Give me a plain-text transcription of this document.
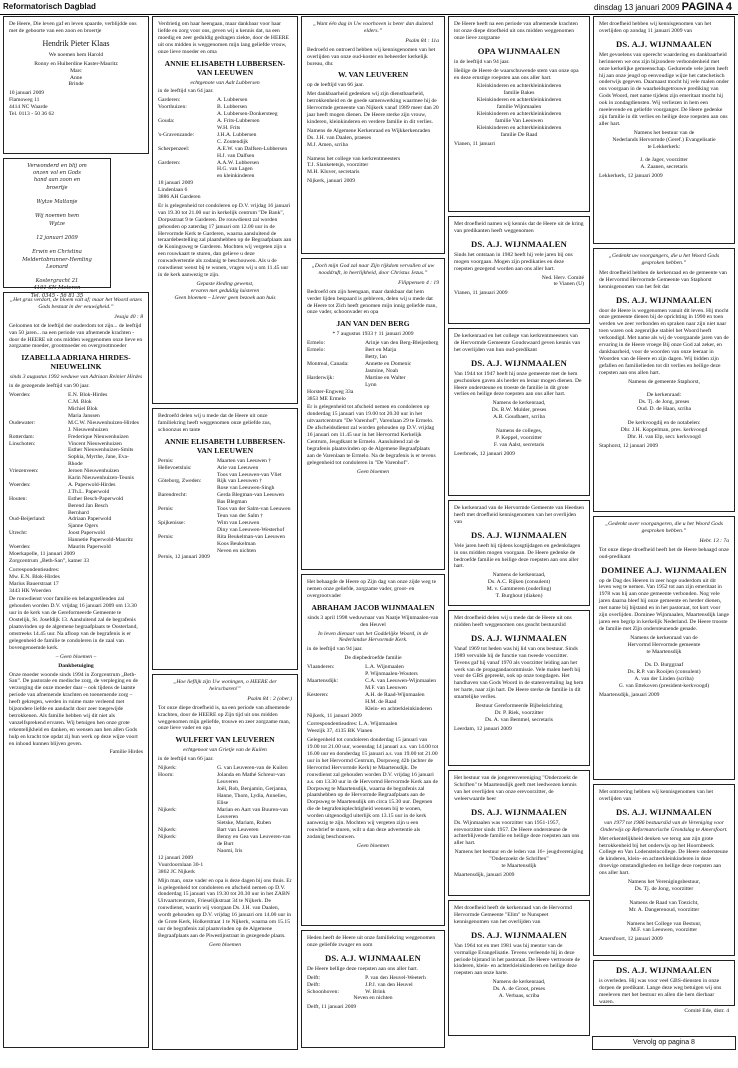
Reformatorisch Dagblad	dinsdag 13 januari 2009 PAGINA 4

De Heere, Die leven gaf en leven spaarde, verblijdde ons met de geboorte van een zoon en broertje

Hendrik Pieter Klaas
We noemen hem Harold
Ronny en Huiberdine Kaster-Mauritz
Marc
Anne
Brinde
10 januari 2009
Flamoweg 11
4414 NC Waarde
Tel. 0113 - 50 36 62
Verwonderd en blij om
onzen vol en Gods
hand aan zoon en
broertje

Wytze Maltanje

Wij noemen hem
Wytze

12 januari 2009

Erwin en Christina
Meldertobrunner-Hemling
Leonard

Kostergracht 21
4191 SN Meteren
Tel. 0345 - 56 81 35
„Het gras verdort, de bloem valt af; maar het Woord onzes Gods bestaat in der eeuwigheid.”
Jesaja 40 : 8

Geloomen tot de leeftijd der ouderdom tot zijn... de leeftijd van 50 jaren... na een periode van afnemende krachten - door de HEERE uit ons midden weggenomen onze lieve en zorgzame moeder, grootmoeder en overgrootmoeder

IZABELLA ADRIANA HIRDES-NIEUWELINK
sinds 3 augustus 1992 weduwe van Adriaan Reinier Hirdes
in de gezegende leeftijd van 90 jaar.
Woerden:	E.N. Blok-Hirdes
C.M. Blok
Michiel Blok
Maria Janssen
Oudewater:	M.C.W. Nieuwenhuizen-Hirdes
J. Nieuwenhuizen
Rotterdam:	Frederique Nieuwenhuizen
Linschoten:	Vincent Nieuwenhuizen
Esther Nieuwenhuizen-Smits
Sophia, Myrthe, Jane, Eva-Rhode
Vriezenveen:	Jeroen Nieuwenhuizen
Karin Nieuwenhuizen-Teunis
Woerden:	A. Paperwold-Hirdes
J.Th.L. Paperwold
Houten:	Esther Besch-Paperwold
Berend Jan Besch
Bernhard
Oud-Beijerland:	Adriaan Paperwold
Sjanne Ogers
Utrecht:	Joost Paperwold
Hannetie Paperwold-Mauritz
Woerden:	Maurits Paperwold
Moerkapelle, 11 januari 2009
Zorgcentrum „Beth-San”, kamer 33
Correspondentieadres:
Mw. E.N. Blok-Hirdes
Marius Bauerstraat 17
3443 HK Woerden

De rouwdienst voor familie en belangstellenden zal gehouden worden D.V. vrijdag 16 januari 2009 om 13.30 uur in de kerk van de Gereformeerde Gemeente te Oostelijk, St. Josefdijk 13. Aansluitend zal de begrafenis plaatsvinden op de algemene begraafplaats te Oosterland, omstreeks 14.45 uur. Na afloop van de begrafenis is er gelegenheid de familie te condoleren in de zaal van bovengenoemde kerk.

– Geen bloemen –
Dankbetuiging

Onze moeder woonde sinds 1994 in Zorgcentrum „Beth-San”. De pastorale en medische zorg, de verpleging en de verzorging die onze moeder daar – ook tijdens de laatste periode van afnemende krachten en toenemende zorg – heeft gekregen, werden in ruime mate verleend met bijzondere liefde en aandacht door zeer toegewijde betrokkenen. Als familie hebben wij dit niet als vanzelfsprekend ervaren. Wij betuigen hen onze grote erkentelijkheid en danken, en wensen aan hen allen Gods hulp en kracht toe opdat zij hun werk op deze wijze voort en inhoud kunnen blijven geven.

Familie Hirdes

Verdrietig om haar heengaan, maar dankbaar voor haar liefde en zorg voor ons, geven wij u kennis dat, na een moedig en zeer geduldig gedragen ziekte, door de HEERE uit ons midden is weggenomen mijn lang geliefde vrouw, onze lieve moeder en oma

ANNIE ELISABETH LUBBERSEN-VAN LEEUWEN
echtgenote van Aalt Lubbersen
in de leeftijd van 64 jaar.
Garderen:	A. Lubbersen
Voorthuizen:	B. Lubbersen
A. Lubbersen-Donkersteeg
Gouda:	A. Frits-Lubbersen
W.H. Frits
's-Gravenzande:	J.H.A. Lubbersen
C. Zoutendijk
Scherpenzeel:	A.E.W. van Dalfsen-Lubbersen
H.J. van Dalfsen
Garderen:	A.A.W. Lubbersen
H.G. van Lagen
en kleinkinderen
18 januari 2009
Lindenlaan 6
3886 AH Garderen

Er is gelegenheid tot condoleren op D.V. vrijdag 16 januari van 19.30 tot 21.00 uur in kerkelijk centrum "De Bank", Dorpsstraat 9 te Garderen. De rouwdienst zal worden gehouden op zaterdag 17 januari om 12.00 uur in de Hervormde Kerk te Garderen, waarna aansluitend de teraardebestelling zal plaatshebben op de Begraafplaats aan de Koningsweg te Garderen. Mochten wij vergeten zijn u een rouwkaart te sturen, dan gelieve u deze rouwadvertentie als zodanig te beschouwen. Als u de rouwdienst wenst bij te wonen, vragen wij u om 11.45 uur in de kerk aanwezig te zijn.

Gepaste kleding gewenst,
ervaren met geduldig luisteren
Geen bloemen – Liever geen bezoek aan huis

Bedroefd delen wij u mede dat de Heere uit onze familiekring heeft weggenomen onze geliefde zus, schoonzus en tante

ANNIE ELISABETH LUBBERSEN-VAN LEEUWEN
Pernis:	Maarten van Leeuwen †
Hellevoetsluis:	Arie van Leeuwen
Toos van Leeuwen-van Vliet
Göteborg, Zweden:	Rijk van Leeuwen †
Rose van Leeuwen-Singh
Barendrecht:	Gerda Blegman-van Leeuwen
Bas Blegman
Pernis:	Toos van der Salm-van Leeuwen
Teun van der Salm †
Spijkenisse:	Wim van Leeuwen
Diny van Leeuwen-Westerhof
Pernis:	Rita Beukelman-van Leeuwen
Koos Beukelman
Neven en nichten
Pernis, 12 januari 2009
„Hoe lieflijk zijn Uw woningen, o HEERE der heirscharen!”
Psalm 84 : 2 (ober.)

Tot onze diepe droefheid is, na een periode van afnemende krachten, door de HEERE op Zijn tijd uit ons midden weggenomen mijn geliefde, trouwe en zeer zorgzame man, onze lieve vader en opa

WULFERT VAN LEUVEREN
echtgenoot van Grietje van de Kuilen
in de leeftijd van 66 jaar.
Nijkerk:	G. van Leuveren-van de Kuilen
Hoorn:	Jolanda en Mathé Schreur-van Leuveren
Joël, Rob, Benjamin, Gerjanna, Hanne, Thom, Lydia, Annelies, Elise
Nijkerk:	Marian en Aart van Buuren-van Leuveren
Sietske, Mariam, Ruben
Nijkerk:	Bart van Leuveren
Nijkerk:	Benny en Gea van Leuveren-van de Burt
Naomi, Iris
12 januari 2009
Vuurdoornlaan 30-1
3862 JC Nijkerk

Mijn man, onze vader en opa is deze dagen bij ons thuis. Er is gelegenheid tot condoleren en afscheid nemen op D.V. donderdag 15 januari van 19.30 tot 20.30 uur in het ZABN Uitvaartcentrum, Frieselijkstraat 34 te Nijkerk. De rouwdienst, waarin wij voorgaan Ds. J.H. van Daalen, wordt gehouden op D.V. vrijdag 16 januari om 14.00 uur in de Grote Kerk, Holkerstraat 1 te Nijkerk, waarna om 15.15 uur de begrafenis zal plaatsvinden op de Algemene Begraafplaats aan de Piwestijnstraat in gezegende plaats.

Geen bloemen
„Want één dag in Uw voorhoven is beter dan duizend elders.”
Psalm 84 : 11a

Bedroefd en ontroerd hebben wij kennisgenomen van het overlijden van onze oud-koster en beheerder kerkelijk bureau, dhr.

W. VAN LEUVEREN
op de leeftijd van 66 jaar.

Met dankbaarheid gedenken wij zijn dienstbaarheid, betrokkenheid en de goede samenwerking waarmee hij de Hervormde gemeente van Nijkerk vanaf 1989 meer dan 20 jaar heeft mogen dienen. De Heere sterke zijn vrouw, kinderen, kleinkinderen en verdere familie in dit verlies.

Namens de Algemene Kerkenraad en Wijkkerkenraden
Ds. J.H. van Daalen, praeses
M.J. Amen, scriba

Namens het college van kerkrentmeesters
T.J. Slanketetsjn, voorzitter
M.H. Kluver, secretaris
Nijkerk, januari 2009
„Doch mijn God zal naar Zijn rijkdom vervullen al uw nooddruft, in heerlijkheid, door Christus Jezus.”
Filippensen 4 : 19

Bedroefd om zijn heengaan, maar dankbaar dat hem verder lijden bespaard is gebleven, delen wij u mede dat de Heere tot Zich heeft genomen mijn innig geliefde man, onze vader, schoonvader en opa

JAN VAN DEN BERG
* 7 augustus 1933 † 11 januari 2009
Ermelo:	Arinje van den Berg-Bleijenberg
Ermelo:	Bert en Marja
Betty, Ian
Montreal, Canada:	Annette en Domenic
Jasmine, Noah
Harderwijk:	Martine en Walter
Lynn
Horster-Engweg 33a
3853 ME Ermelo

Er is gelegenheid tot afscheid nemen en condoleren op donderdag 15 januari van 19.00 tot 20.30 uur in het uitvaartcentrum "De Varenhof", Varenlaan 29 te Ermelo. De afscheidsdienst zal worden gehouden op D.V. vrijdag 16 januari om 11.45 uur in het Hervormd Kerkelijk Centrum, Jeugdkant te Ermelo. Aansluitend zal de begrafenis plaatsvinden op de Algemene Begraafplaats aan de Varenlaan te Ermelo. Na de begrafenis is er tevens gelegenheid tot condoleren in "De Varenhof".

Geen bloemen

Het behaagde de Heere op Zijn dag van onze zijde weg te nemen onze geliefde, zorgzame vader, groot- en overgrootvader

ABRAHAM JACOB WIJNMAALEN
sinds 3 april 1998 weduwnaar van Naatje Wijnmaalen-van den Heuvel
In leven dienaar van het Goddelijke Woord, in de Nederlandse Hervormde Kerk.
in de leeftijd van 94 jaar.
De diepbedroefde familie
Vlaanderen:	L.A. Wijnmaalen
P. Wijnmaalen-Wouters
Maartensdijk:	C.A. van Leeuwen-Wijnmaalen
M.F. van Leeuwen
Kesteren:	A.H. de Raad-Wijnmaalen
H.M. de Raad
Klein- en achterkleinkinderen
Nijkerk, 11 januari 2009
Correspondentieadres: L.A. Wijnmaalen
Weezijk 37, 4135 BK Vianen

Gelegenheid tot condoleren donderdag 15 januari van 19.00 tot 21.00 uur, woensdag 14 januari a.s. van 14.00 tot 16.00 uur en donderdag 15 januari a.s. van 19.00 tot 21.00 uur in het Hervormd Centrum, Dorpsweg 42b (achter de Hervormd Hervormde Kerk) te Maartensdijk. De rouwdienst zal gehouden worden D.V. vrijdag 16 januari a.s. om 13.30 uur in de Hervormd Hervormde Kerk aan de Dorpsweg te Maartensdijk, waarna de begrafenis zal plaatshebben op de Hervormde Begraafplaats aan de Dorpsweg te Maartensdijk om circa 15.30 uur. Degenen die de begrafenisplechtigheid wensen bij te wonen, worden uitgenodigd uiterlijk om 13.15 uur in de kerk aanwezig te zijn. Mochten wij vergeten zijn u een rouwbrief te sturen, wilt u dan deze advertentie als zodanig beschouwen.

Geen bloemen

Heden heeft de Heere uit onze familiekring weggenomen onze geliefde zwager en oom

DS. A.J. WIJNMAALEN

De Heere bellige deze roepsten aan ons aller hart.

Delft:	P. van den Heuvel-Weeterh
Delft:	J.P.J. van den Heuvel
Schoonhoven:	W. Brink
Neven en nichten
Delft, 11 januari 2009

De Heere heeft na een periode van afnemende krachten tot onze diepe droefheid uit ons midden weggenomen onze lieve zorgzame

OPA WIJNMAALEN
in de leeftijd van 94 jaar.

Heilige de Heere de waarschuwende stem van onze opa en deze ernstige roepsten aan ons aller hart.

Kleinkinderen en achterkleinkinderen
familie Bakes
Kleinkinderen en achterkleinkinderen
familie Wijnmaalen
Kleinkinderen en achterkleinkinderen
familie Van Leeuwen
Kleinkinderen en achterkleinkinderen
familie De Raad
Vianen, 11 januari

Met droefheid namen wij kennis dat de Heere uit de kring van predikanten heeft weggenomen

DS. A.J. WIJNMAALEN

Sinds het ontstaan in 1982 heeft hij vele jaren bij ons mogen voorgaan. Mogen zijn predikaties en deze roepsten gezegend worden aan ons aller hart.

Ned. Herv. Comité
te Vianen (U)
Vianen, 11 januari 2009

De kerkenraad en het college van kerkrentmeesters van de Hervormde Gemeente Goudswaard geven kennis van het overlijden van hun oud-predikant

DS. A.J. WIJNMAALEN

Van 1944 tot 1947 heeft hij onze gemeente met de hem geschonken gaven als herder en leraar mogen dienen. De Heere ondersteune en troeste de familie in dit grote verlies en heilige deze roepsten aan ons aller hart.

Namens de kerkenraad,
Ds. B.W. Mulder, preses
A.B. Goudbaert, scriba

Namens de colleges,
P. Keppel, voorzitter
F. van Aalst, secretaris
Leerbroek, 12 januari 2009

De kerkenraad van de Hervormde Gemeente van Heedsen heeft met droefheid kennisgenomen van het overlijden van

DS. A.J. WIJNMAALEN

Vele jaren heeft hij tijdens kosgtijdagen en gedenkdagen in ons midden mogen voorgaan. De Heere gedenke de bedroefde familie en heilige deze roepsten aan ons aller hart.

Namens de kerkenraad,
Ds. A.C. Rijken (consulent)
M. v. Gammeren (ouderling)
T. Burghout (diaken)

Met droefheid delen wij u mede dat de Heere uit ons midden heeft weggenomen ons geacht bestuurslid

DS. A.J. WIJNMAALEN

Vanaf 1969 tot heden was hij lid van ons bestuur. Sinds 1989 vervulde hij de functie van tweede voorzitter. Tevens gaf hij vanaf 1970 als voorzitter leiding aan het werk van de propagandacommissie. Vele malen heeft hij voor de GBS gepreekt, ook op onze toogdagen. Het handhaven van Gods Woord in de statenvertaling lag hem ter harte, naar zijn hart. De Heere sterke de familie in dit smartelijke verlies.

Bestuur Gereformeerde Bijbelstichting
Dr. P. Riek, voorzitter
Ds. A. van Bemmel, secretaris
Leerdam, 12 januari 2009

Het bestuur van de jongerenvereniging "Onderzoekt de Schriften" te Maartensdijk geeft met leedwezen kennis van het overlijden van onze erevoorzitter, de weleerwaarde heer

DS. A.J. WIJNMAALEN

Ds. Wijnmaalen was voorzitter van 1951-1957, erevoorzitter sinds 1957. De Heere ondersteune de achterblijvende familie en heilige deze roepsten aan ons aller hart.

Namens het bestuur en de leden van 16+ jeugdvereniging
"Onderzoekt de Schriften"
te Maartensdijk
Maartensdijk, januari 2009

Met droefheid heeft de kerkenraad van de Hervormd Hervormde Gemeente "Elim" te Nunspeet kennisgenomen van het overlijden van

DS. A.J. WIJNMAALEN

Van 1964 tot en met 1981 was hij mentor van de vormalige Evangelisatie. Tevens verleende hij in deze periode bijstand in het pastoraat. De Heere vertrooste de kinderen, klein- en achterkleinkinderen en heilige deze roepsten aan onze harte.

Namens de kerkenraad,
Ds. A. de Groot, preses
A. Verbaas, scriba

Met droefheid hebben wij kennisgenomen van het overlijden op zondag 11 januari 2009 van

DS. A.J. WIJNMAALEN

Met gevoelens van operecht waardering en dankbaarheid herinneren we ons zijn bijzondere verbondenheid met onze kerkelijke gemeenschap. Gedurende vele jaren heeft hij aan onze jeugd op eenvoudige wijze het catechetisch onderwijs gegeven. Daarnaast mocht hij vele malen onder ons voorgaan in de waarheidsgetrouwe prediking van Gods Woord, met name tijdens zijn emeritaat mocht hij ook in zondagdiensten. Wij verliezen in hem een meelevende en geliefde voorganger. De Heere gedenke zijn familie in dit verlies en heilige deze roepsten aan ons aller hart.

Namens het bestuur van de
Nederlands Hervormde (Geref.) Evangelisatie
te Lekkerkerk:

J. de Jager, voorzitter
A. Zaanen, secretaris
Lekkerkerk, 12 januari 2009
„Gedenkt uw voorgangers, die u het Woord Gods gesproken hebben.”

Met droefheid hebben de kerkenraad en de gemeente van de Hervormd Hervormde Gemeente van Staphorst kennisgenomen van het feit dat

DS. A.J. WIJNMAALEN

door de Heere is weggenomen vanuit dit leven. Hij mocht onze gemeente dienen bij de oprichting in 1990 en toen werden we zeer verbonden en spraken naar zijn niet naar toen waren ook zegenrijke stabiel het Woord heeft verkondigd. Met name als wij de voorgaande jaren van de ervaring in de Heere vroege Bij onze God zal zeker, en dankbaarheid, voor de woorden van onze leeraar in Woorden van de Heere en zijn dagen. Wij bidden zijn gefallen en familielieden tot dit verlies en heilige deze roepsten aan ons allen hart.

Namens de gemeente Staphorst,

De kerkenraad:
Ds. Tj. de Jong, preses
Oud. D. de Haan, scriba

De kerkvoogdij en de notabelen:
Dhr. J.H. Koppelman, pres. kerkvoogd
Dhr. H. van Elp, secr. kerkvoogd
Staphorst, 12 januari 2009
„Gedenkt uwer voorgangeren, die u het Woord Gods gesproken hebben.”
Hebr. 13 : 7a

Tot onze diepe droefheid heeft het de Heere behaagd onze oud-predikant

DOMINEE A.J. WIJNMAALEN

op de Dag des Heeren in zeer hoge ouderdom uit dit leven weg te nemen. Van 1952 tot aan zijn emeritaat in 1978 was hij aan onze gemeente verbonden. Nog vele jaren daarna bleef hij onze gemeente en herder dienen, met name bij bijstand en in het pastoraat, tot kort voor zijn overlijden. Dominee Wijnmaalen, Maartensdijk lange jaren een begrip in kerkelijk Nederland. De Heere trooste de familie met Zijn ondersteunende genade.

Namens de kerkenraad van de
Hervormd Hervormde gemeente
te Maartensdijk

Ds. D. Burggraaf
Ds. R.P. van Rooijen (consulent)
A. van der Linden (scriba)
G. van Ettekoven (president-kerkvoogd)
Maartensdijk, januari 2009

Met ontroering hebben wij kennisgenomen van het overlijden van

DS. A.J. WIJNMAALEN
van 1977 tot 1986 bestuurslid van de Vereniging voor Onderwijs op Reformatorische Grondslag te Amersfoort.

Met erkentelijkheid denken we terug aan zijn grote betrokkenheid bij het onderwijs op het Hoornbeeck College en Van Lodensteincollege. De Heere ondersteune de kinderen, klein- en achterkleinkinderen in deze droevige omstandigheden en heilige deze roepsten aan ons aller hart.

Namens het Verenigingsbestuur,
Ds. Tj. de Jong, voorzitter

Namens de Raad van Toezicht,
Mr. A. Dangerenoud, voorzitter

Namens het College van Bestuur,
M.F. van Leeuwen, voorzitter
Amersfoort, 12 januari 2009
DS. A.J. WIJNMAALEN

is overleden. Hij was voor veel GBS-diensten in onze dorpen de predikant. Lange deze weg betuigen wij ons meeleven met het bestuur en allen die hem dierbaar waren.

Comité Ede, distr. 4
Vervolg op pagina 8
